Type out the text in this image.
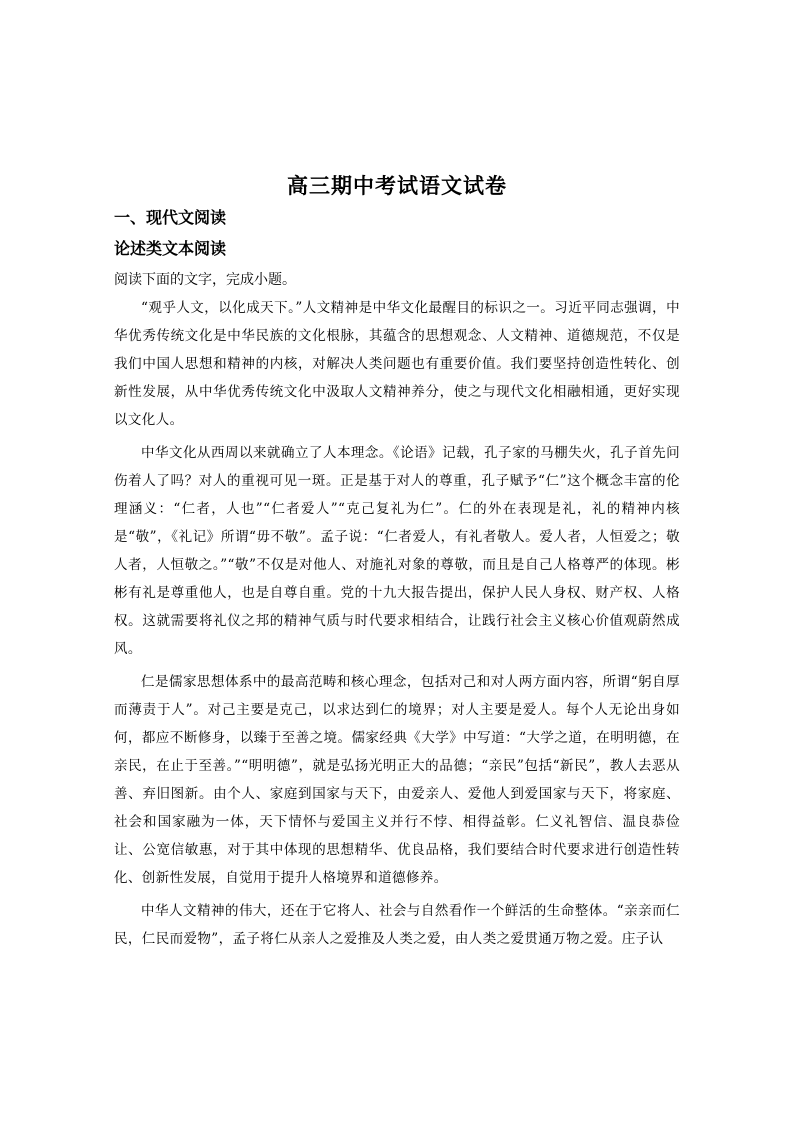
高三期中考试语文试卷
一、现代文阅读
论述类文本阅读

阅读下面的文字，完成小题。

“观乎人文，以化成天下。”人文精神是中华文化最醒目的标识之一。习近平同志强调，中华优秀传统文化是中华民族的文化根脉，其蕴含的思想观念、人文精神、道德规范，不仅是我们中国人思想和精神的内核，对解决人类问题也有重要价值。我们要坚持创造性转化、创新性发展，从中华优秀传统文化中汲取人文精神养分，使之与现代文化相融相通，更好实现以文化人。

中华文化从西周以来就确立了人本理念。《论语》记载，孔子家的马棚失火，孔子首先问伤着人了吗？对人的重视可见一斑。正是基于对人的尊重，孔子赋予“仁”这个概念丰富的伦理涵义：“仁者，人也”“仁者爱人”“克己复礼为仁”。仁的外在表现是礼，礼的精神内核是“敬”，《礼记》所谓“毋不敬”。孟子说：“仁者爱人，有礼者敬人。爱人者，人恒爱之；敬人者，人恒敬之。”“敬”不仅是对他人、对施礼对象的尊敬，而且是自己人格尊严的体现。彬彬有礼是尊重他人，也是自尊自重。党的十九大报告提出，保护人民人身权、财产权、人格权。这就需要将礼仪之邦的精神气质与时代要求相结合，让践行社会主义核心价值观蔚然成风。

仁是儒家思想体系中的最高范畴和核心理念，包括对己和对人两方面内容，所谓“躬自厚而薄责于人”。对己主要是克己，以求达到仁的境界；对人主要是爱人。每个人无论出身如何，都应不断修身，以臻于至善之境。儒家经典《大学》中写道：“大学之道，在明明德，在亲民，在止于至善。”“明明德”，就是弘扬光明正大的品德；“亲民”包括“新民”，教人去恶从善、弃旧图新。由个人、家庭到国家与天下，由爱亲人、爱他人到爱国家与天下，将家庭、社会和国家融为一体，天下情怀与爱国主义并行不悖、相得益彰。仁义礼智信、温良恭俭让、公宽信敏惠，对于其中体现的思想精华、优良品格，我们要结合时代要求进行创造性转化、创新性发展，自觉用于提升人格境界和道德修养。

中华人文精神的伟大，还在于它将人、社会与自然看作一个鲜活的生命整体。“亲亲而仁民，仁民而爱物”，孟子将仁从亲人之爱推及人类之爱，由人类之爱贯通万物之爱。庄子认
